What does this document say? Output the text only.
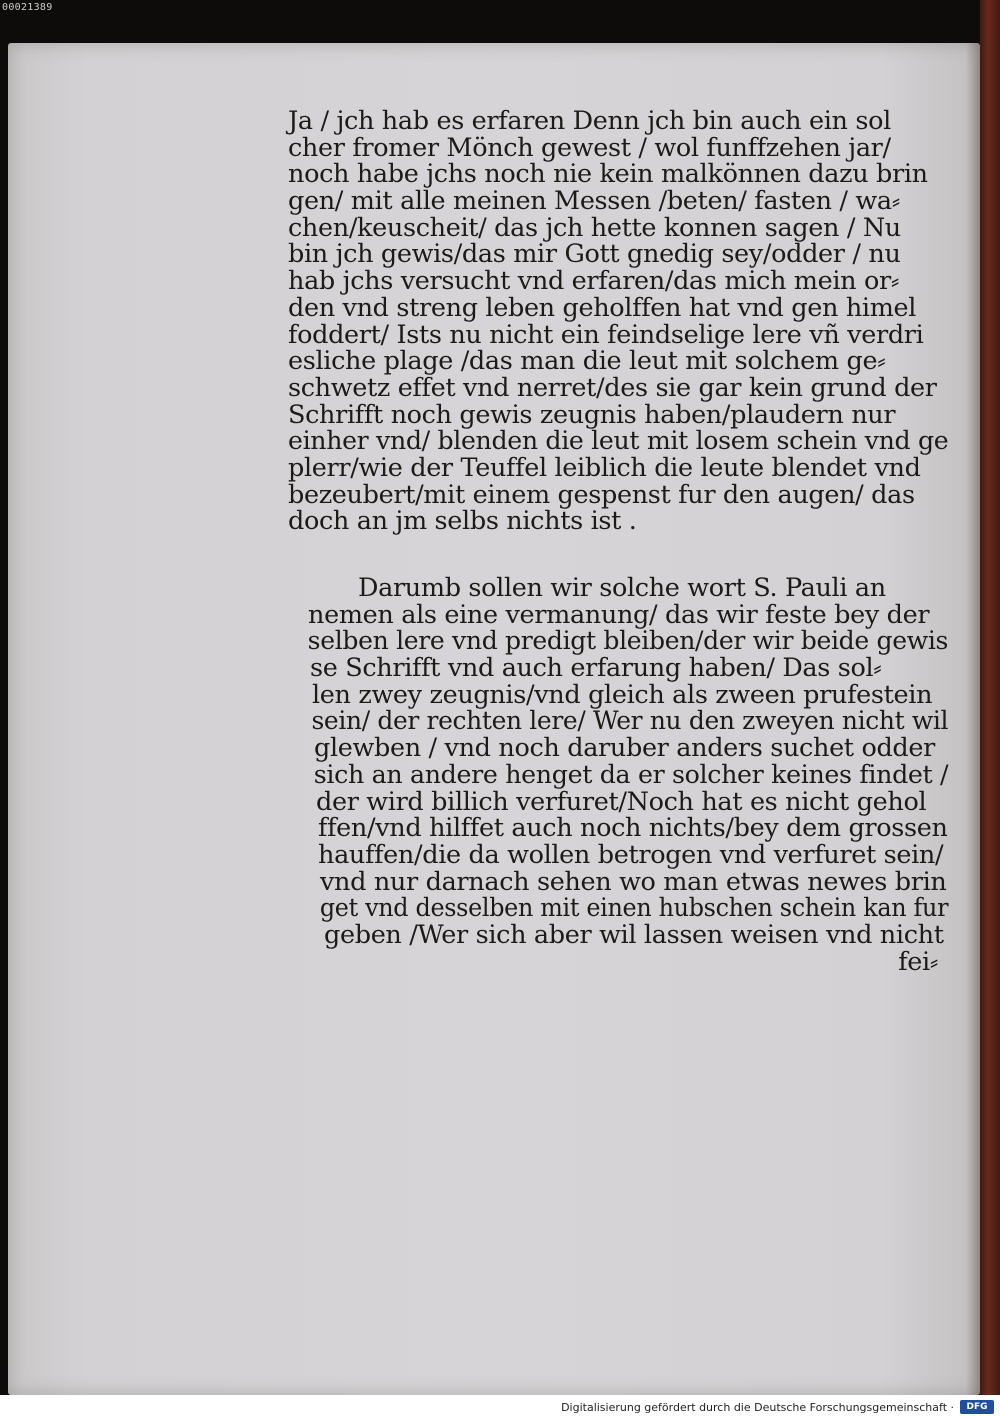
00021389
Ja / jch hab es erfaren Denn jch bin auch ein sol
cher fromer Mönch gewest / wol funffzehen jar/
noch habe jchs noch nie kein malkönnen dazu brin
gen/ mit alle meinen Messen /beten/ fasten / wa⸗
chen/keuscheit/ das jch hette konnen sagen / Nu
bin jch gewis/das mir Gott gnedig sey/odder / nu
hab jchs versucht vnd erfaren/das mich mein or⸗
den vnd streng leben geholffen hat vnd gen himel
foddert/ Ists nu nicht ein feindselige lere vñ verdri
esliche plage /das man die leut mit solchem ge⸗
schwetz effet vnd nerret/des sie gar kein grund der
Schrifft noch gewis zeugnis haben/plaudern nur
einher vnd/ blenden die leut mit losem schein vnd ge
plerr/wie der Teuffel leiblich die leute blendet vnd
bezeubert/mit einem gespenst fur den augen/ das
doch an jm selbs nichts ist .
Darumb sollen wir solche wort S. Pauli an
nemen als eine vermanung/ das wir feste bey der
selben lere vnd predigt bleiben/der wir beide gewis
se Schrifft vnd auch erfarung haben/ Das sol⸗
len zwey zeugnis/vnd gleich als zween prufestein
sein/ der rechten lere/ Wer nu den zweyen nicht wil
glewben / vnd noch daruber anders suchet odder
sich an andere henget da er solcher keines findet /
der wird billich verfuret/Noch hat es nicht gehol
ffen/vnd hilffet auch noch nichts/bey dem grossen
hauffen/die da wollen betrogen vnd verfuret sein/
vnd nur darnach sehen wo man etwas newes brin
get vnd desselben mit einen hubschen schein kan fur
geben /Wer sich aber wil lassen weisen vnd nicht
fei⸗
Digitalisierung gefördert durch die Deutsche Forschungsgemeinschaft ·	DFG
